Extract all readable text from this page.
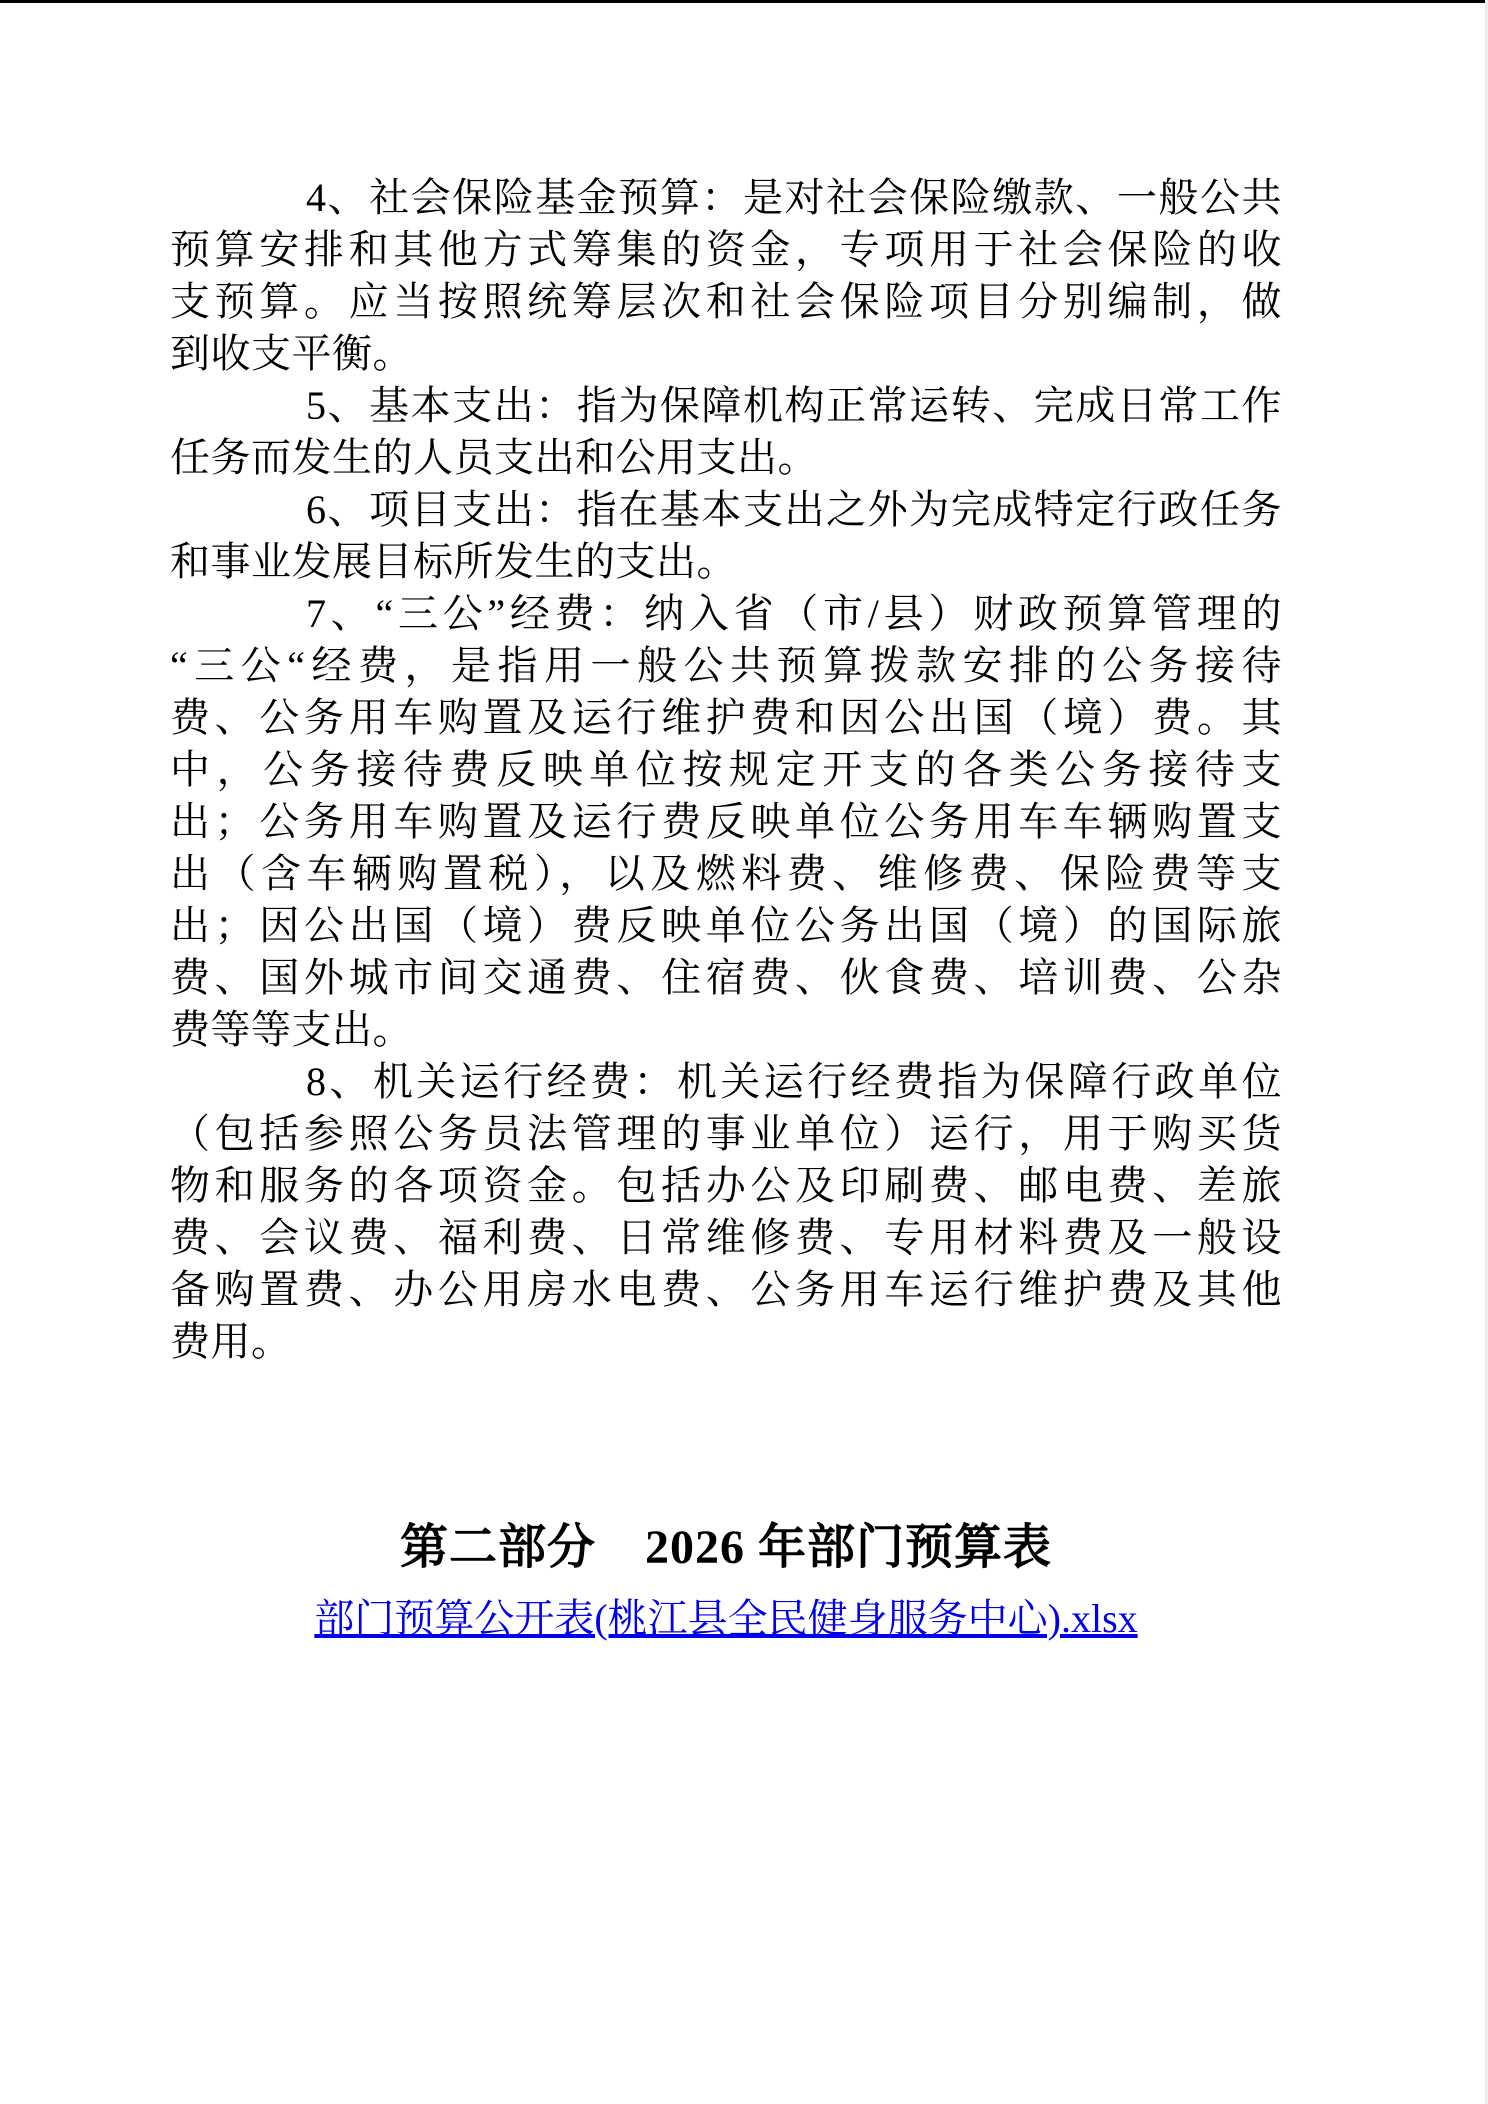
4、社会保险基金预算：是对社会保险缴款、一般公共
预算安排和其他方式筹集的资金，专项用于社会保险的收
支预算。应当按照统筹层次和社会保险项目分别编制，做
到收支平衡。
5、基本支出：指为保障机构正常运转、完成日常工作
任务而发生的人员支出和公用支出。
6、项目支出：指在基本支出之外为完成特定行政任务
和事业发展目标所发生的支出。
7、“三公”经费：纳入省（市/县）财政预算管理的
“三公“经费，是指用一般公共预算拨款安排的公务接待
费、公务用车购置及运行维护费和因公出国（境）费。其
中，公务接待费反映单位按规定开支的各类公务接待支
出；公务用车购置及运行费反映单位公务用车车辆购置支
出（含车辆购置税），以及燃料费、维修费、保险费等支
出；因公出国（境）费反映单位公务出国（境）的国际旅
费、国外城市间交通费、住宿费、伙食费、培训费、公杂
费等等支出。
8、机关运行经费：机关运行经费指为保障行政单位
（包括参照公务员法管理的事业单位）运行，用于购买货
物和服务的各项资金。包括办公及印刷费、邮电费、差旅
费、会议费、福利费、日常维修费、专用材料费及一般设
备购置费、办公用房水电费、公务用车运行维护费及其他
费用。
第二部分　2026 年部门预算表
部门预算公开表(桃江县全民健身服务中心).xlsx
